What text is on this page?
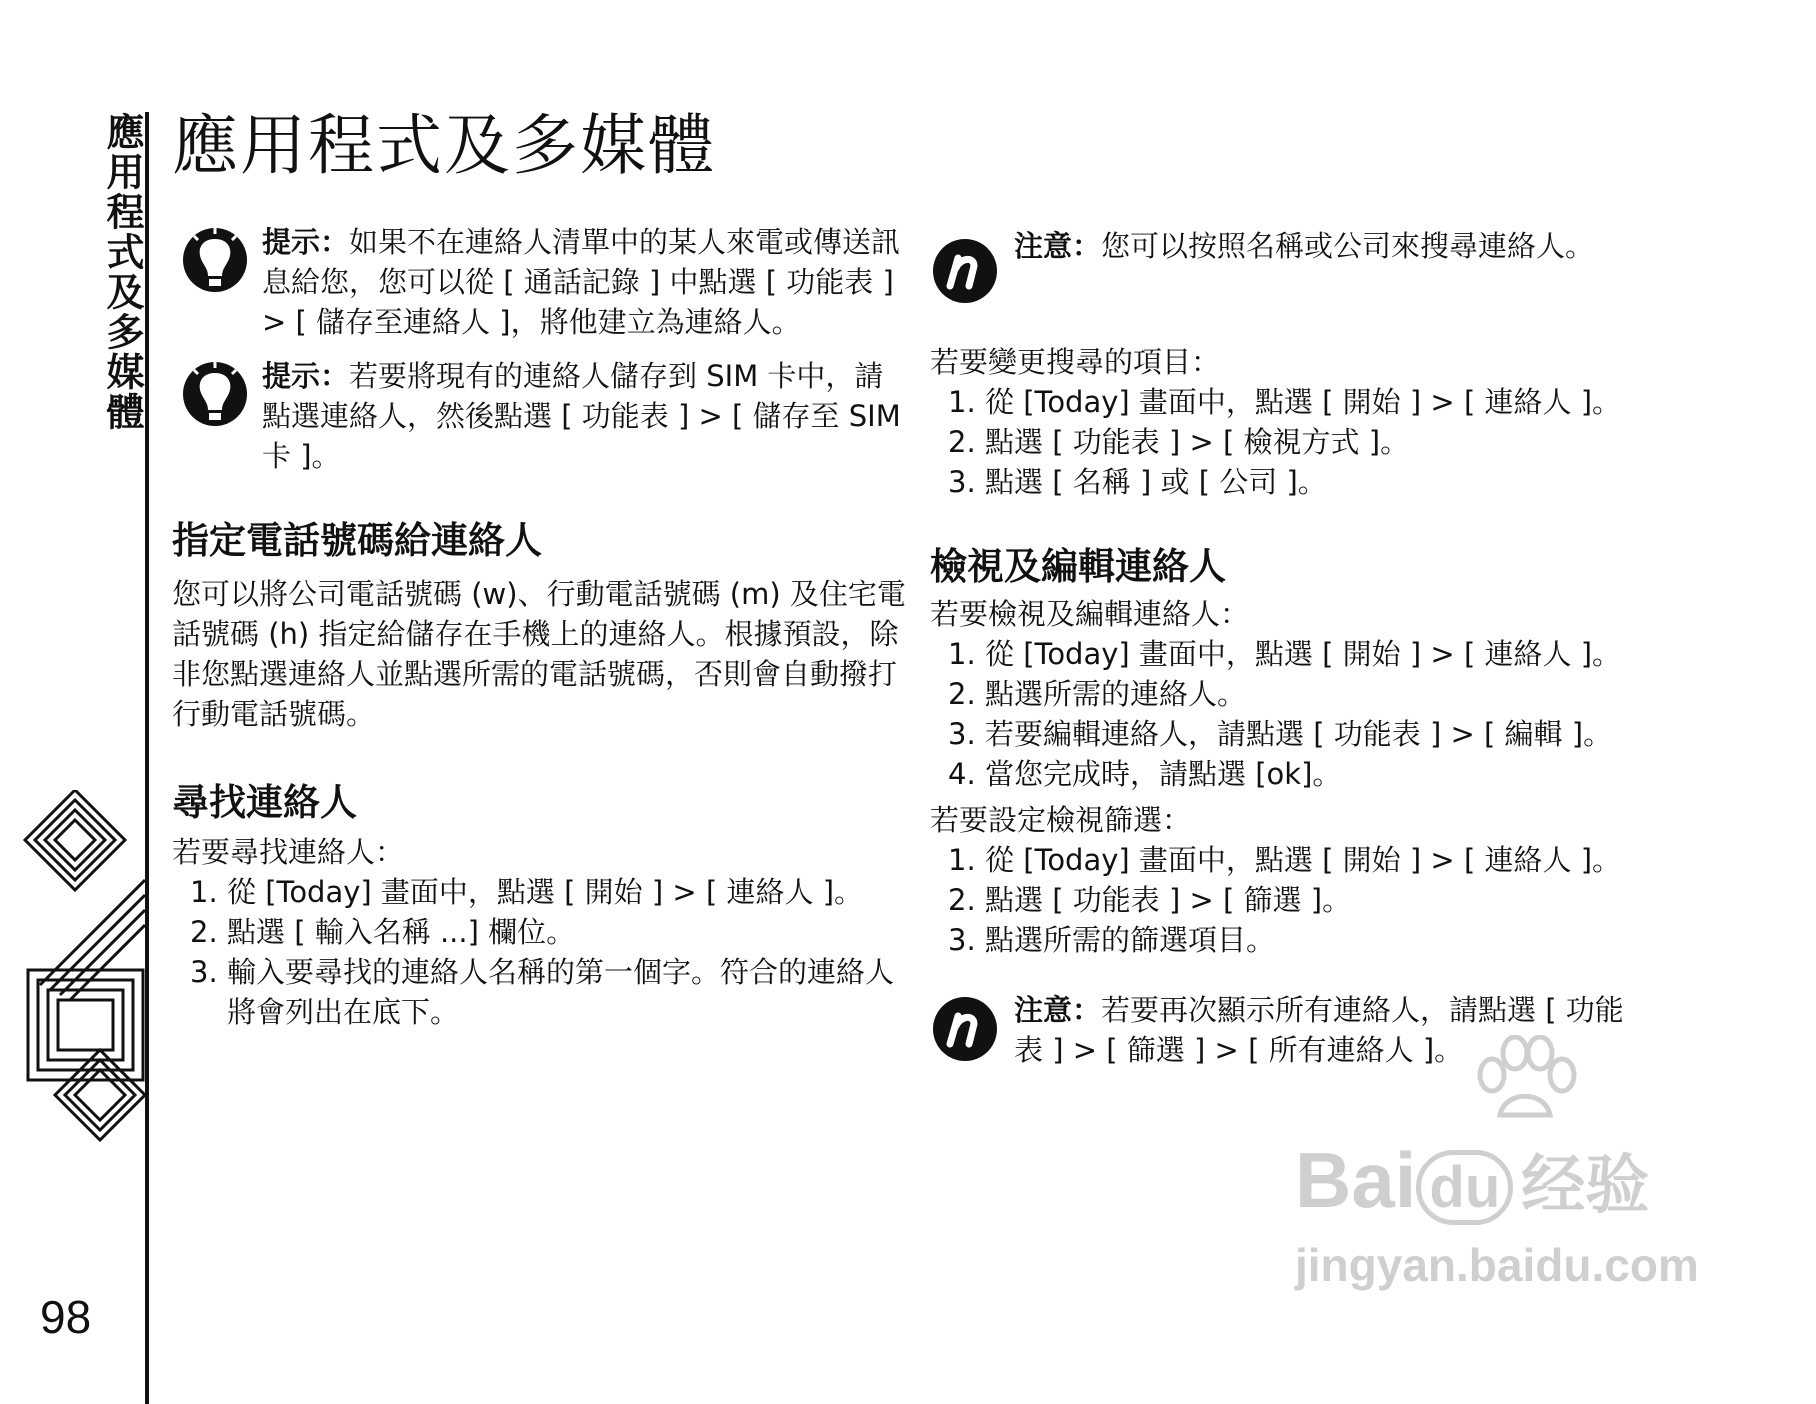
應用程式及多媒體
98
應用程式及多媒體
提示：如果不在連絡人清單中的某人來電或傳送訊息給您，您可以從 [ 通話記錄 ] 中點選 [ 功能表 ] > [ 儲存至連絡人 ]，將他建立為連絡人。
提示：若要將現有的連絡人儲存到 SIM 卡中，請點選連絡人，然後點選 [ 功能表 ] > [ 儲存至 SIM 卡 ]。
指定電話號碼給連絡人

您可以將公司電話號碼 (w)、行動電話號碼 (m) 及住宅電話號碼 (h) 指定給儲存在手機上的連絡人。根據預設，除非您點選連絡人並點選所需的電話號碼，否則會自動撥打行動電話號碼。

尋找連絡人

若要尋找連絡人：

1. 從 [Today] 畫面中，點選 [ 開始 ] > [ 連絡人 ]。
2. 點選 [ 輸入名稱 ...] 欄位。
3. 輸入要尋找的連絡人名稱的第一個字。符合的連絡人將會列出在底下。
注意：您可以按照名稱或公司來搜尋連絡人。

若要變更搜尋的項目：

1. 從 [Today] 畫面中，點選 [ 開始 ] > [ 連絡人 ]。
2. 點選 [ 功能表 ] > [ 檢視方式 ]。
3. 點選 [ 名稱 ] 或 [ 公司 ]。
檢視及編輯連絡人

若要檢視及編輯連絡人：

1. 從 [Today] 畫面中，點選 [ 開始 ] > [ 連絡人 ]。
2. 點選所需的連絡人。
3. 若要編輯連絡人，請點選 [ 功能表 ] > [ 編輯 ]。
4. 當您完成時，請點選 [ok]。

若要設定檢視篩選：

1. 從 [Today] 畫面中，點選 [ 開始 ] > [ 連絡人 ]。
2. 點選 [ 功能表 ] > [ 篩選 ]。
3. 點選所需的篩選項目。
注意：若要再次顯示所有連絡人，請點選 [ 功能表 ] > [ 篩選 ] > [ 所有連絡人 ]。
Bai du 经验
jingyan.baidu.com
